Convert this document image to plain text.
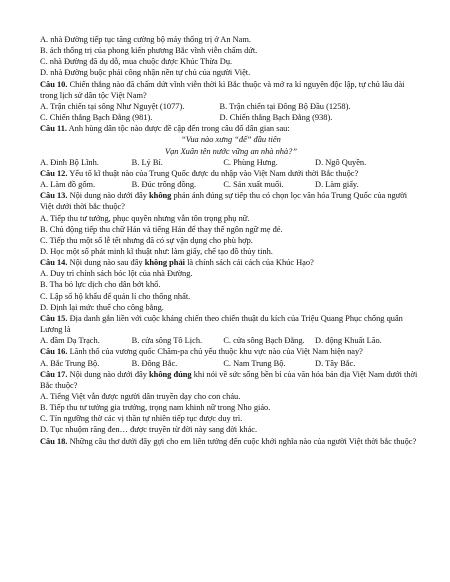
A. nhà Đường tiếp tục tăng cường bộ máy thống trị ở An Nam.
B. ách thống trị của phong kiến phương Bắc vĩnh viễn chấm dứt.
C. nhà Đường đã dụ dỗ, mua chuộc được Khúc Thừa Dụ.
D. nhà Đường buộc phải công nhận nền tự chủ của người Việt.
Câu 10. Chiến thắng nào đã chấm dứt vĩnh viễn thời kì Bắc thuộc và mở ra kỉ nguyên độc lập, tự chủ lâu dài trong lịch sử dân tộc Việt Nam?
A. Trận chiến tại sông Như Nguyệt (1077).	B. Trận chiến tại Đông Bộ Đầu (1258).
C. Chiến thắng Bạch Đằng (981).	D. Chiến thắng Bạch Đằng (938).
Câu 11. Anh hùng dân tộc nào được đề cập đến trong câu đố dân gian sau:
“Vua nào xưng “đế” đầu tiên
Vạn Xuân tên nước vững an nhà nhà?”
A. Đinh Bộ Lĩnh.	B. Lý Bí.	C. Phùng Hưng.	D. Ngô Quyền.
Câu 12. Yếu tố kĩ thuật nào của Trung Quốc được du nhập vào Việt Nam dưới thời Bắc thuộc?
A. Làm đồ gốm.	B. Đúc trống đồng.	C. Sản xuất muối.	D. Làm giấy.
Câu 13. Nội dung nào dưới đây không phản ánh đúng sự tiếp thu có chọn lọc văn hóa Trung Quốc của người Việt dưới thời bắc thuộc?
A. Tiếp thu tư tưởng, phục quyền nhưng vẫn tôn trọng phụ nữ.
B. Chủ động tiếp thu chữ Hán và tiếng Hán để thay thế ngôn ngữ mẹ đẻ.
C. Tiếp thu một số lễ tết nhưng đã có sự vận dụng cho phù hợp.
D. Học một số phát minh kĩ thuật như: làm giấy, chế tạo đồ thủy tinh.
Câu 14. Nội dung nào sau đây không phải là chính sách cải cách của Khúc Hạo?
A. Duy trì chính sách bóc lột của nhà Đường.
B. Tha bỏ lực dịch cho dân bớt khổ.
C. Lập sổ hộ khẩu để quản lí cho thống nhất.
D. Định lại mức thuế cho công bằng.
Câu 15. Địa danh gắn liền với cuộc kháng chiến theo chiến thuật du kích của Triệu Quang Phục chống quân Lương là
A. đầm Dạ Trạch.	B. cửa sông Tô Lịch.	C. cửa sông Bạch Đằng.	D. động Khuất Lão.
Câu 16. Lãnh thổ của vương quốc Chăm-pa chủ yếu thuộc khu vực nào của Việt Nam hiện nay?
A. Bắc Trung Bộ.	B. Đông Bắc.	C. Nam Trung Bộ.	D. Tây Bắc.
Câu 17. Nội dung nào dưới đây không đúng khi nói về sức sống bền bỉ của văn hóa bản địa Việt Nam dưới thời Bắc thuộc?
A. Tiếng Việt vẫn được người dân truyền dạy cho con cháu.
B. Tiếp thu tư tưởng gia trưởng, trọng nam khinh nữ trong Nho giáo.
C. Tín ngưỡng thờ các vị thần tự nhiên tiếp tục được duy trì.
D. Tục nhuộm răng đen… được truyền từ đời này sang đời khác.
Câu 18. Những câu thơ dưới đây gợi cho em liên tưởng đến cuộc khởi nghĩa nào của người Việt thời bắc thuộc?
